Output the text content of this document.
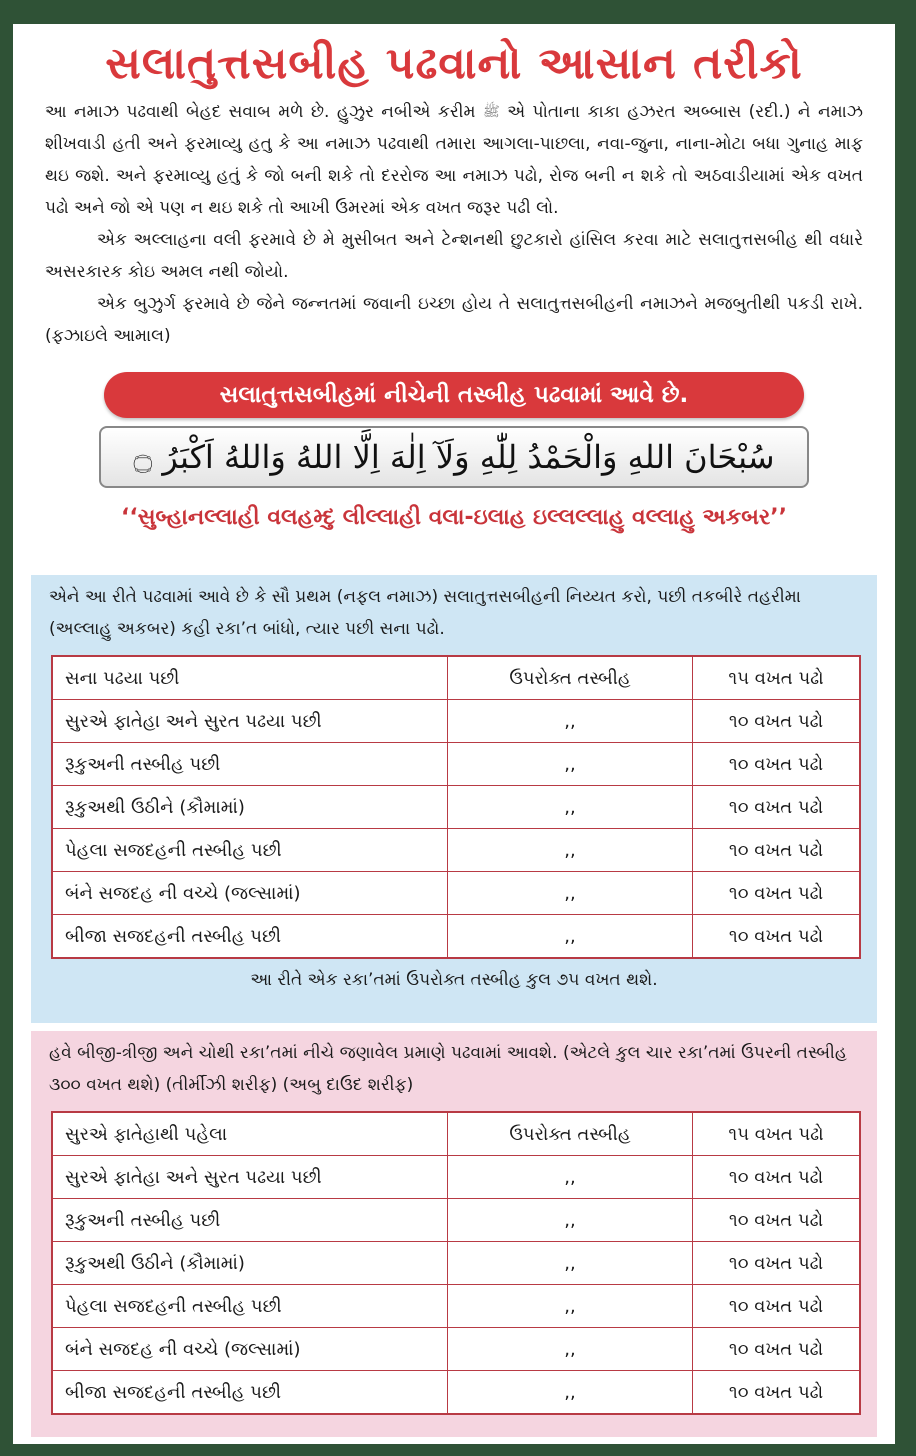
સલાતુત્તસબીહ પઢવાનો આસાન તરીકો

આ નમાઝ પઢવાથી બેહદ સવાબ મળે છે. હુઝુર નબીએ કરીમ ﷺ એ પોતાના કાકા હઝરત અબ્બાસ (રદી.) ને નમાઝ શીખવાડી હતી અને ફરમાવ્યુ હતુ કે આ નમાઝ પઢવાથી તમારા આગલા-પાછલા, નવા-જુના, નાના-મોટા બધા ગુનાહ માફ થઇ જશે. અને ફરમાવ્યુ હતું કે જો બની શકે તો દરરોજ આ નમાઝ પઢો, રોજ બની ન શકે તો અઠવાડીયામાં એક વખત પઢો અને જો એ પણ ન થઇ શકે તો આખી ઉમરમાં એક વખત જરૂર પઢી લો.

એક અલ્લાહના વલી ફરમાવે છે મે મુસીબત અને ટેન્શનથી છુટકારો હાંસિલ કરવા માટે સલાતુત્તસબીહ થી વધારે અસરકારક કોઇ અમલ નથી જોયો.

એક બુઝુર્ગ ફરમાવે છે જેને જન્નતમાં જવાની ઇચ્છા હોય તે સલાતુત્તસબીહની નમાઝને મજબુતીથી પકડી રાખે. (ફઝાઇલે આમાલ)

સલાતુત્તસબીહમાં નીચેની તસ્બીહ પઢવામાં આવે છે.
سُبْحَانَ اللهِ وَالْحَمْدُ لِلّٰهِ وَلَآ اِلٰهَ اِلَّا اللهُ وَاللهُ اَكْبَرُ ۝
‘‘સુબ્હાનલ્લાહી વલહમ્દુ લીલ્લાહી વલા-ઇલાહ ઇલ્લલ્લાહુ વલ્લાહુ અકબર’’
એને આ રીતે પઢવામાં આવે છે કે સૌ પ્રથમ (નફલ નમાઝ) સલાતુત્તસબીહની નિય્યત કરો, પછી તકબીરે તહરીમા (અલ્લાહુ અકબર) કહી રકા’ત બાંધો, ત્યાર પછી સના પઢો.
સના પઢયા પછી	ઉપરોક્ત તસ્બીહ	૧૫ વખત પઢો
સુરએ ફાતેહા અને સુરત પઢયા પછી	,,	૧૦ વખત પઢો
રૂકુઅની તસ્બીહ પછી	,,	૧૦ વખત પઢો
રૂકુઅથી ઉઠીને (કૌમામાં)	,,	૧૦ વખત પઢો
પેહલા સજદહની તસ્બીહ પછી	,,	૧૦ વખત પઢો
બંને સજદહ ની વચ્ચે (જલ્સામાં)	,,	૧૦ વખત પઢો
બીજા સજદહની તસ્બીહ પછી	,,	૧૦ વખત પઢો
આ રીતે એક રકા’તમાં ઉપરોક્ત તસ્બીહ કુલ ૭૫ વખત થશે.
હવે બીજી-ત્રીજી અને ચોથી રકા’તમાં નીચે જણાવેલ પ્રમાણે પઢવામાં આવશે. (એટલે કુલ ચાર રકા’તમાં ઉપરની તસ્બીહ ૩૦૦ વખત થશે) (તીર્મીઝી શરીફ) (અબુ દાઉદ શરીફ)
સુરએ ફાતેહાથી પહેલા	ઉપરોક્ત તસ્બીહ	૧૫ વખત પઢો
સુરએ ફાતેહા અને સુરત પઢયા પછી	,,	૧૦ વખત પઢો
રૂકુઅની તસ્બીહ પછી	,,	૧૦ વખત પઢો
રૂકુઅથી ઉઠીને (કૌમામાં)	,,	૧૦ વખત પઢો
પેહલા સજદહની તસ્બીહ પછી	,,	૧૦ વખત પઢો
બંને સજદહ ની વચ્ચે (જલ્સામાં)	,,	૧૦ વખત પઢો
બીજા સજદહની તસ્બીહ પછી	,,	૧૦ વખત પઢો
